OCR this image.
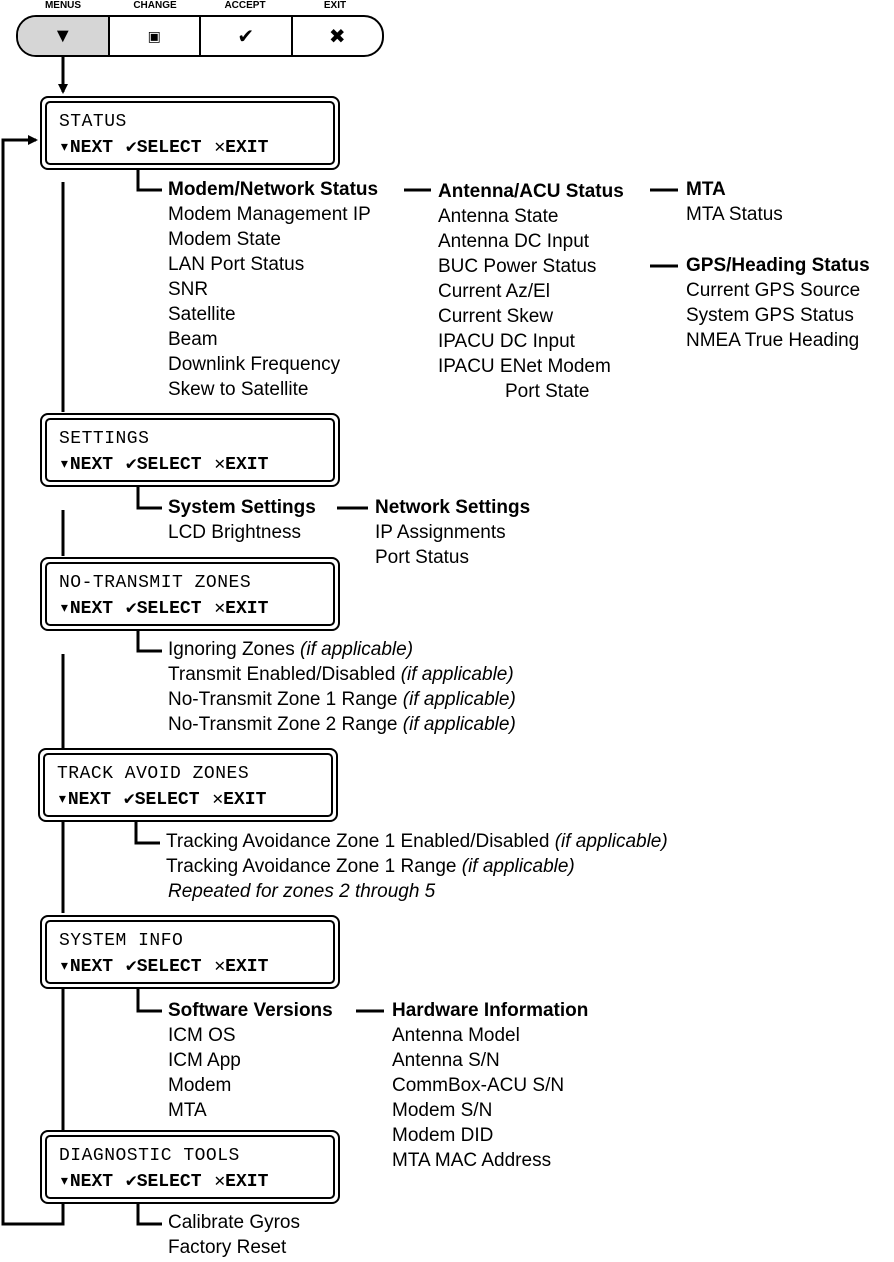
MENUS	CHANGE	ACCEPT	EXIT
▼	▣	✔	✖
STATUS
▾NEXT ✔SELECT ✕EXIT
Modem/Network Status
Modem Management IP
Modem State
LAN Port Status
SNR
Satellite
Beam
Downlink Frequency
Skew to Satellite
Antenna/ACU Status
Antenna State
Antenna DC Input
BUC Power Status
Current Az/El
Current Skew
IPACU DC Input
IPACU ENet Modem
Port State
MTA
MTA Status
GPS/Heading Status
Current GPS Source
System GPS Status
NMEA True Heading
SETTINGS
▾NEXT ✔SELECT ✕EXIT
System Settings
LCD Brightness
Network Settings
IP Assignments
Port Status
NO-TRANSMIT ZONES
▾NEXT ✔SELECT ✕EXIT
Ignoring Zones (if applicable)
Transmit Enabled/Disabled (if applicable)
No-Transmit Zone 1 Range (if applicable)
No-Transmit Zone 2 Range (if applicable)
TRACK AVOID ZONES
▾NEXT ✔SELECT ✕EXIT
Tracking Avoidance Zone 1 Enabled/Disabled (if applicable)
Tracking Avoidance Zone 1 Range (if applicable)
Repeated for zones 2 through 5
SYSTEM INFO
▾NEXT ✔SELECT ✕EXIT
Software Versions
ICM OS
ICM App
Modem
MTA
Hardware Information
Antenna Model
Antenna S/N
CommBox-ACU S/N
Modem S/N
Modem DID
MTA MAC Address
DIAGNOSTIC TOOLS
▾NEXT ✔SELECT ✕EXIT
Calibrate Gyros
Factory Reset
